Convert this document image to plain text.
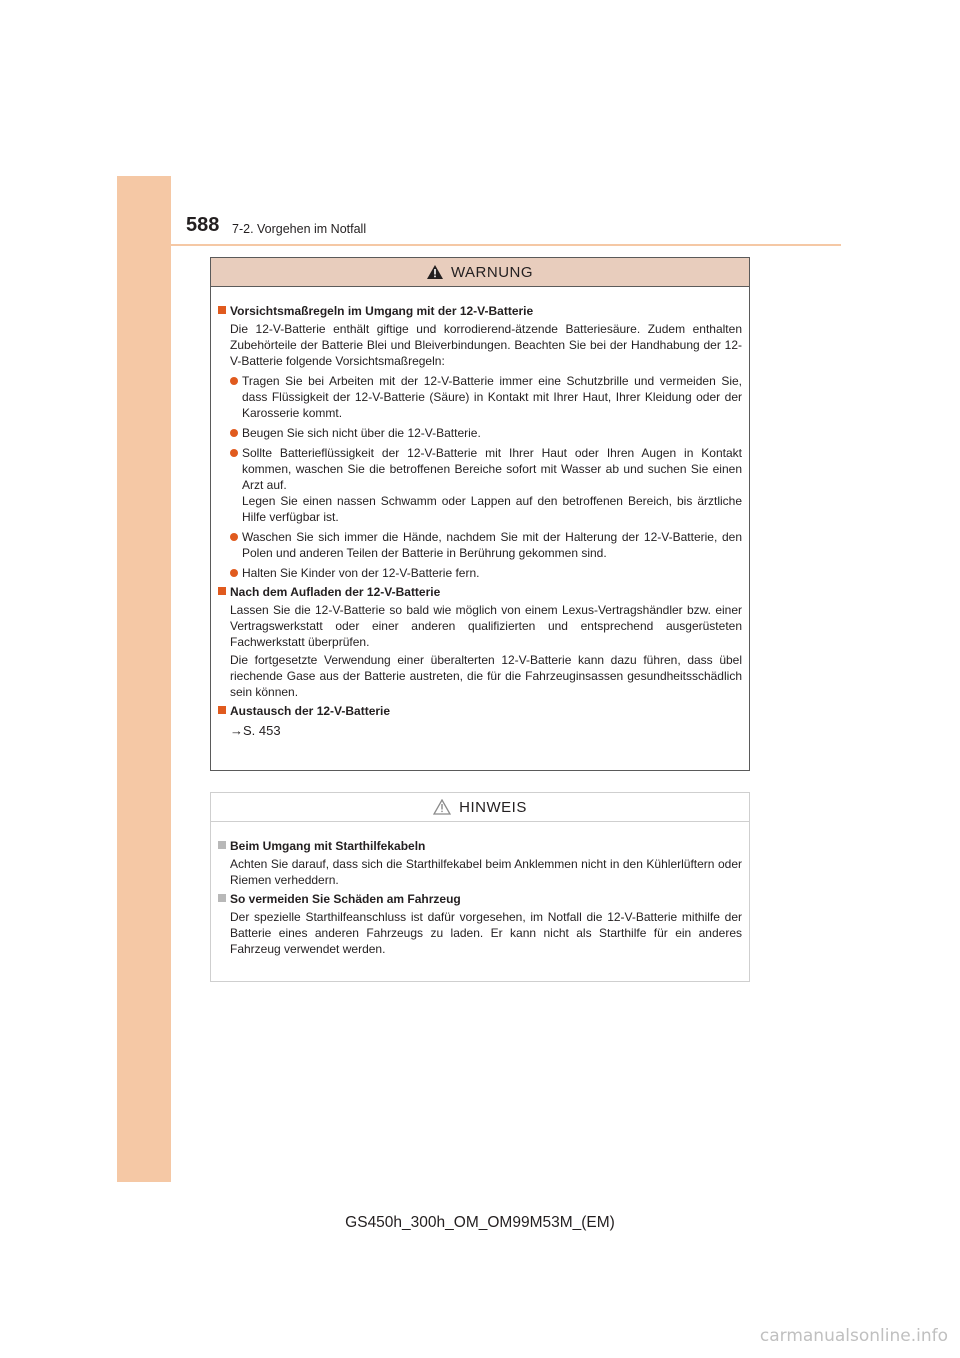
588 7-2. Vorgehen im Notfall
WARNUNG
Vorsichtsmaßregeln im Umgang mit der 12-V-Batterie
Die 12-V-Batterie enthält giftige und korrodierend-ätzende Batteriesäure. Zudem enthalten Zubehörteile der Batterie Blei und Bleiverbindungen. Beachten Sie bei der Handhabung der 12-V-Batterie folgende Vorsichtsmaßregeln:
Tragen Sie bei Arbeiten mit der 12-V-Batterie immer eine Schutzbrille und vermeiden Sie, dass Flüssigkeit der 12-V-Batterie (Säure) in Kontakt mit Ihrer Haut, Ihrer Kleidung oder der Karosserie kommt.
Beugen Sie sich nicht über die 12-V-Batterie.
Sollte Batterieflüssigkeit der 12-V-Batterie mit Ihrer Haut oder Ihren Augen in Kontakt kommen, waschen Sie die betroffenen Bereiche sofort mit Wasser ab und suchen Sie einen Arzt auf.
Legen Sie einen nassen Schwamm oder Lappen auf den betroffenen Bereich, bis ärztliche Hilfe verfügbar ist.
Waschen Sie sich immer die Hände, nachdem Sie mit der Halterung der 12-V-Batterie, den Polen und anderen Teilen der Batterie in Berührung gekommen sind.
Halten Sie Kinder von der 12-V-Batterie fern.
Nach dem Aufladen der 12-V-Batterie
Lassen Sie die 12-V-Batterie so bald wie möglich von einem Lexus-Vertragshändler bzw. einer Vertragswerkstatt oder einer anderen qualifizierten und entsprechend ausgerüsteten Fachwerkstatt überprüfen.
Die fortgesetzte Verwendung einer überalterten 12-V-Batterie kann dazu führen, dass übel riechende Gase aus der Batterie austreten, die für die Fahrzeuginsassen gesundheitsschädlich sein können.
Austausch der 12-V-Batterie
→S. 453
HINWEIS
Beim Umgang mit Starthilfekabeln
Achten Sie darauf, dass sich die Starthilfekabel beim Anklemmen nicht in den Kühlerlüftern oder Riemen verheddern.
So vermeiden Sie Schäden am Fahrzeug
Der spezielle Starthilfeanschluss ist dafür vorgesehen, im Notfall die 12-V-Batterie mithilfe der Batterie eines anderen Fahrzeugs zu laden. Er kann nicht als Starthilfe für ein anderes Fahrzeug verwendet werden.
GS450h_300h_OM_OM99M53M_(EM)
carmanualsonline.info
